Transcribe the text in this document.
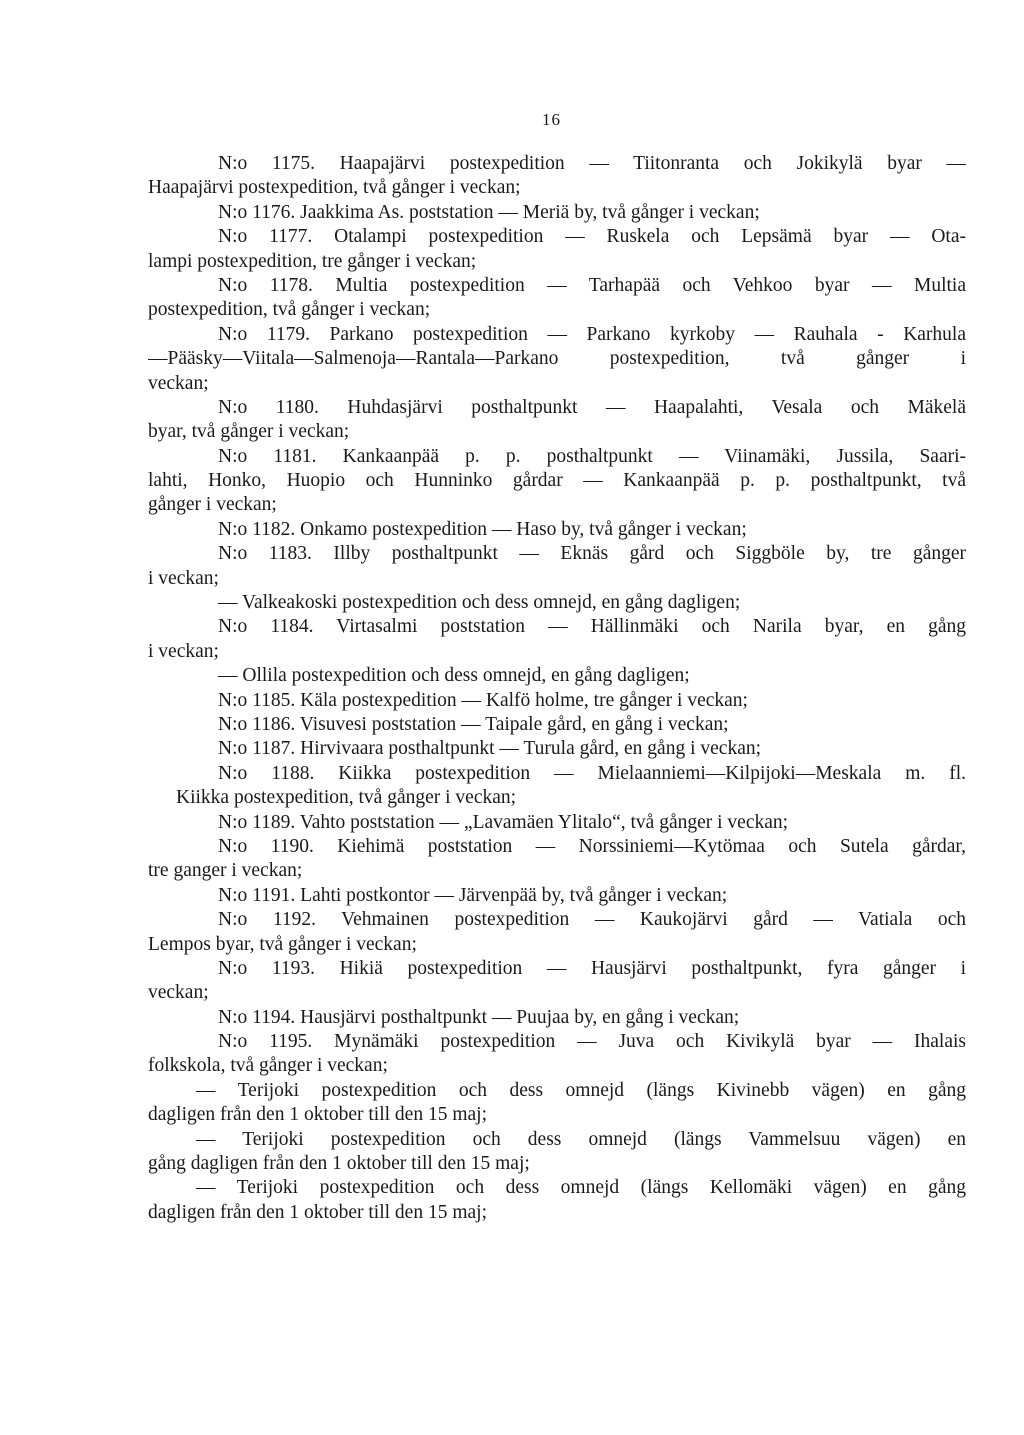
16
N:o 1175. Haapajärvi postexpedition — Tiitonranta och Jokikylä byar —
Haapajärvi postexpedition, två gånger i veckan;
N:o 1176. Jaakkima As. poststation — Meriä by, två gånger i veckan;
N:o 1177. Otalampi postexpedition — Ruskela och Lepsämä byar — Ota-
lampi postexpedition, tre gånger i veckan;
N:o 1178. Multia postexpedition — Tarhapää och Vehkoo byar — Multia
postexpedition, två gånger i veckan;
N:o 1179. Parkano postexpedition — Parkano kyrkoby — Rauhala - Karhula
—Pääsky—Viitala—Salmenoja—Rantala—Parkano postexpedition, två gånger i
veckan;
N:o 1180. Huhdasjärvi posthaltpunkt — Haapalahti, Vesala och Mäkelä
byar, två gånger i veckan;
N:o 1181. Kankaanpää p. p. posthaltpunkt — Viinamäki, Jussila, Saari-
lahti, Honko, Huopio och Hunninko gårdar — Kankaanpää p. p. posthaltpunkt, två
gånger i veckan;
N:o 1182. Onkamo postexpedition — Haso by, två gånger i veckan;
N:o 1183. Illby posthaltpunkt — Eknäs gård och Siggböle by, tre gånger
i veckan;
— Valkeakoski postexpedition och dess omnejd, en gång dagligen;
N:o 1184. Virtasalmi poststation — Hällinmäki och Narila byar, en gång
i veckan;
— Ollila postexpedition och dess omnejd, en gång dagligen;
N:o 1185. Käla postexpedition — Kalfö holme, tre gånger i veckan;
N:o 1186. Visuvesi poststation — Taipale gård, en gång i veckan;
N:o 1187. Hirvivaara posthaltpunkt — Turula gård, en gång i veckan;
N:o 1188. Kiikka postexpedition — Mielaanniemi—Kilpijoki—Meskala m. fl.
Kiikka postexpedition, två gånger i veckan;
N:o 1189. Vahto poststation — „Lavamäen Ylitalo“, två gånger i veckan;
N:o 1190. Kiehimä poststation — Norssiniemi—Kytömaa och Sutela gårdar,
tre ganger i veckan;
N:o 1191. Lahti postkontor — Järvenpää by, två gånger i veckan;
N:o 1192. Vehmainen postexpedition — Kaukojärvi gård — Vatiala och
Lempos byar, två gånger i veckan;
N:o 1193. Hikiä postexpedition — Hausjärvi posthaltpunkt, fyra gånger i
veckan;
N:o 1194. Hausjärvi posthaltpunkt — Puujaa by, en gång i veckan;
N:o 1195. Mynämäki postexpedition — Juva och Kivikylä byar — Ihalais
folkskola, två gånger i veckan;
— Terijoki postexpedition och dess omnejd (längs Kivinebb vägen) en gång
dagligen från den 1 oktober till den 15 maj;
— Terijoki postexpedition och dess omnejd (längs Vammelsuu vägen) en
gång dagligen från den 1 oktober till den 15 maj;
— Terijoki postexpedition och dess omnejd (längs Kellomäki vägen) en gång
dagligen från den 1 oktober till den 15 maj;
